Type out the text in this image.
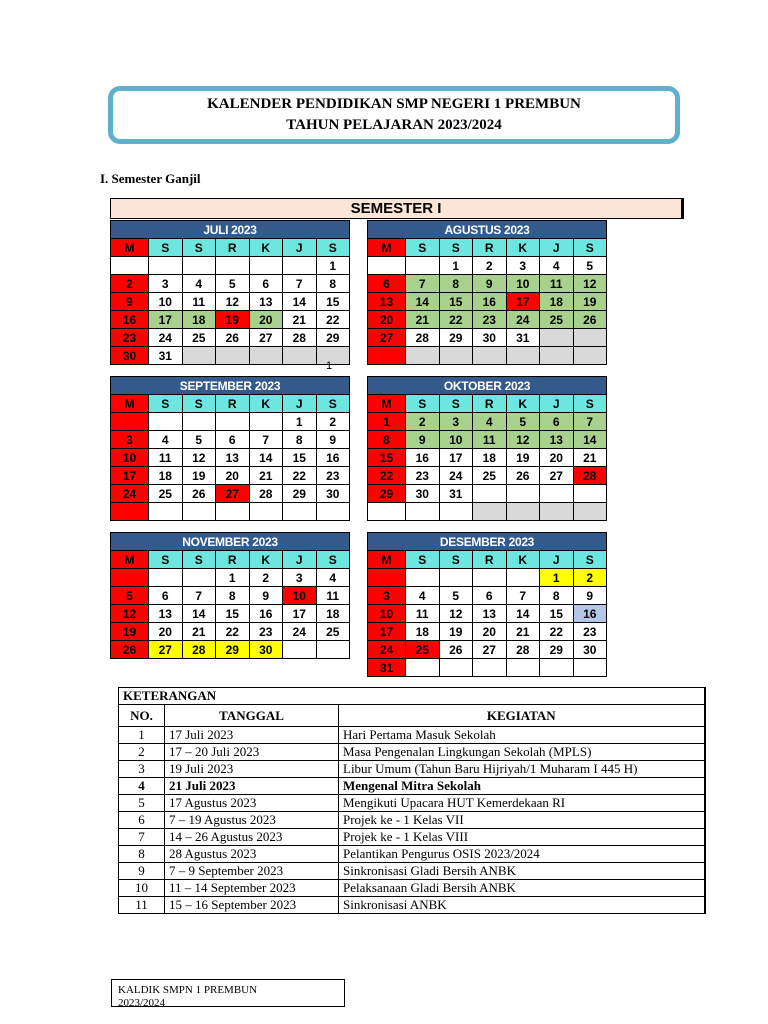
KALENDER PENDIDIKAN SMP NEGERI 1 PREMBUN
TAHUN PELAJARAN 2023/2024
I. Semester Ganjil
SEMESTER I
JULI 2023						
M	S	S	R	K	J	S
						1
2	3	4	5	6	7	8
9	10	11	12	13	14	15
16	17	18	19	20	21	22
23	24	25	26	27	28	29
30	31					
AGUSTUS 2023						
M	S	S	R	K	J	S
		1	2	3	4	5
6	7	8	9	10	11	12
13	14	15	16	17	18	19
20	21	22	23	24	25	26
27	28	29	30	31		

1
SEPTEMBER 2023						
M	S	S	R	K	J	S
					1	2
3	4	5	6	7	8	9
10	11	12	13	14	15	16
17	18	19	20	21	22	23
24	25	26	27	28	29	30

OKTOBER 2023						
M	S	S	R	K	J	S
1	2	3	4	5	6	7
8	9	10	11	12	13	14
15	16	17	18	19	20	21
22	23	24	25	26	27	28
29	30	31				

NOVEMBER 2023						
M	S	S	R	K	J	S
			1	2	3	4
5	6	7	8	9	10	11
12	13	14	15	16	17	18
19	20	21	22	23	24	25
26	27	28	29	30		
DESEMBER 2023						
M	S	S	R	K	J	S
					1	2
3	4	5	6	7	8	9
10	11	12	13	14	15	16
17	18	19	20	21	22	23
24	25	26	27	28	29	30
31						
KETERANGAN		
NO.	TANGGAL	KEGIATAN
1	17 Juli 2023	Hari Pertama Masuk Sekolah
2	17 – 20 Juli 2023	Masa Pengenalan Lingkungan Sekolah (MPLS)
3	19 Juli 2023	Libur Umum (Tahun Baru Hijriyah/1 Muharam I 445 H)
4	21 Juli 2023	Mengenal Mitra Sekolah
5	17 Agustus 2023	Mengikuti Upacara HUT Kemerdekaan RI
6	7 – 19 Agustus 2023	Projek ke - 1 Kelas VII
7	14 – 26 Agustus 2023	Projek ke - 1 Kelas VIII
8	28 Agustus 2023	Pelantikan Pengurus OSIS 2023/2024
9	7 – 9 September 2023	Sinkronisasi Gladi Bersih ANBK
10	11 – 14 September 2023	Pelaksanaan Gladi Bersih ANBK
11	15 – 16 September 2023	Sinkronisasi ANBK
KALDIK SMPN 1 PREMBUN
2023/2024
